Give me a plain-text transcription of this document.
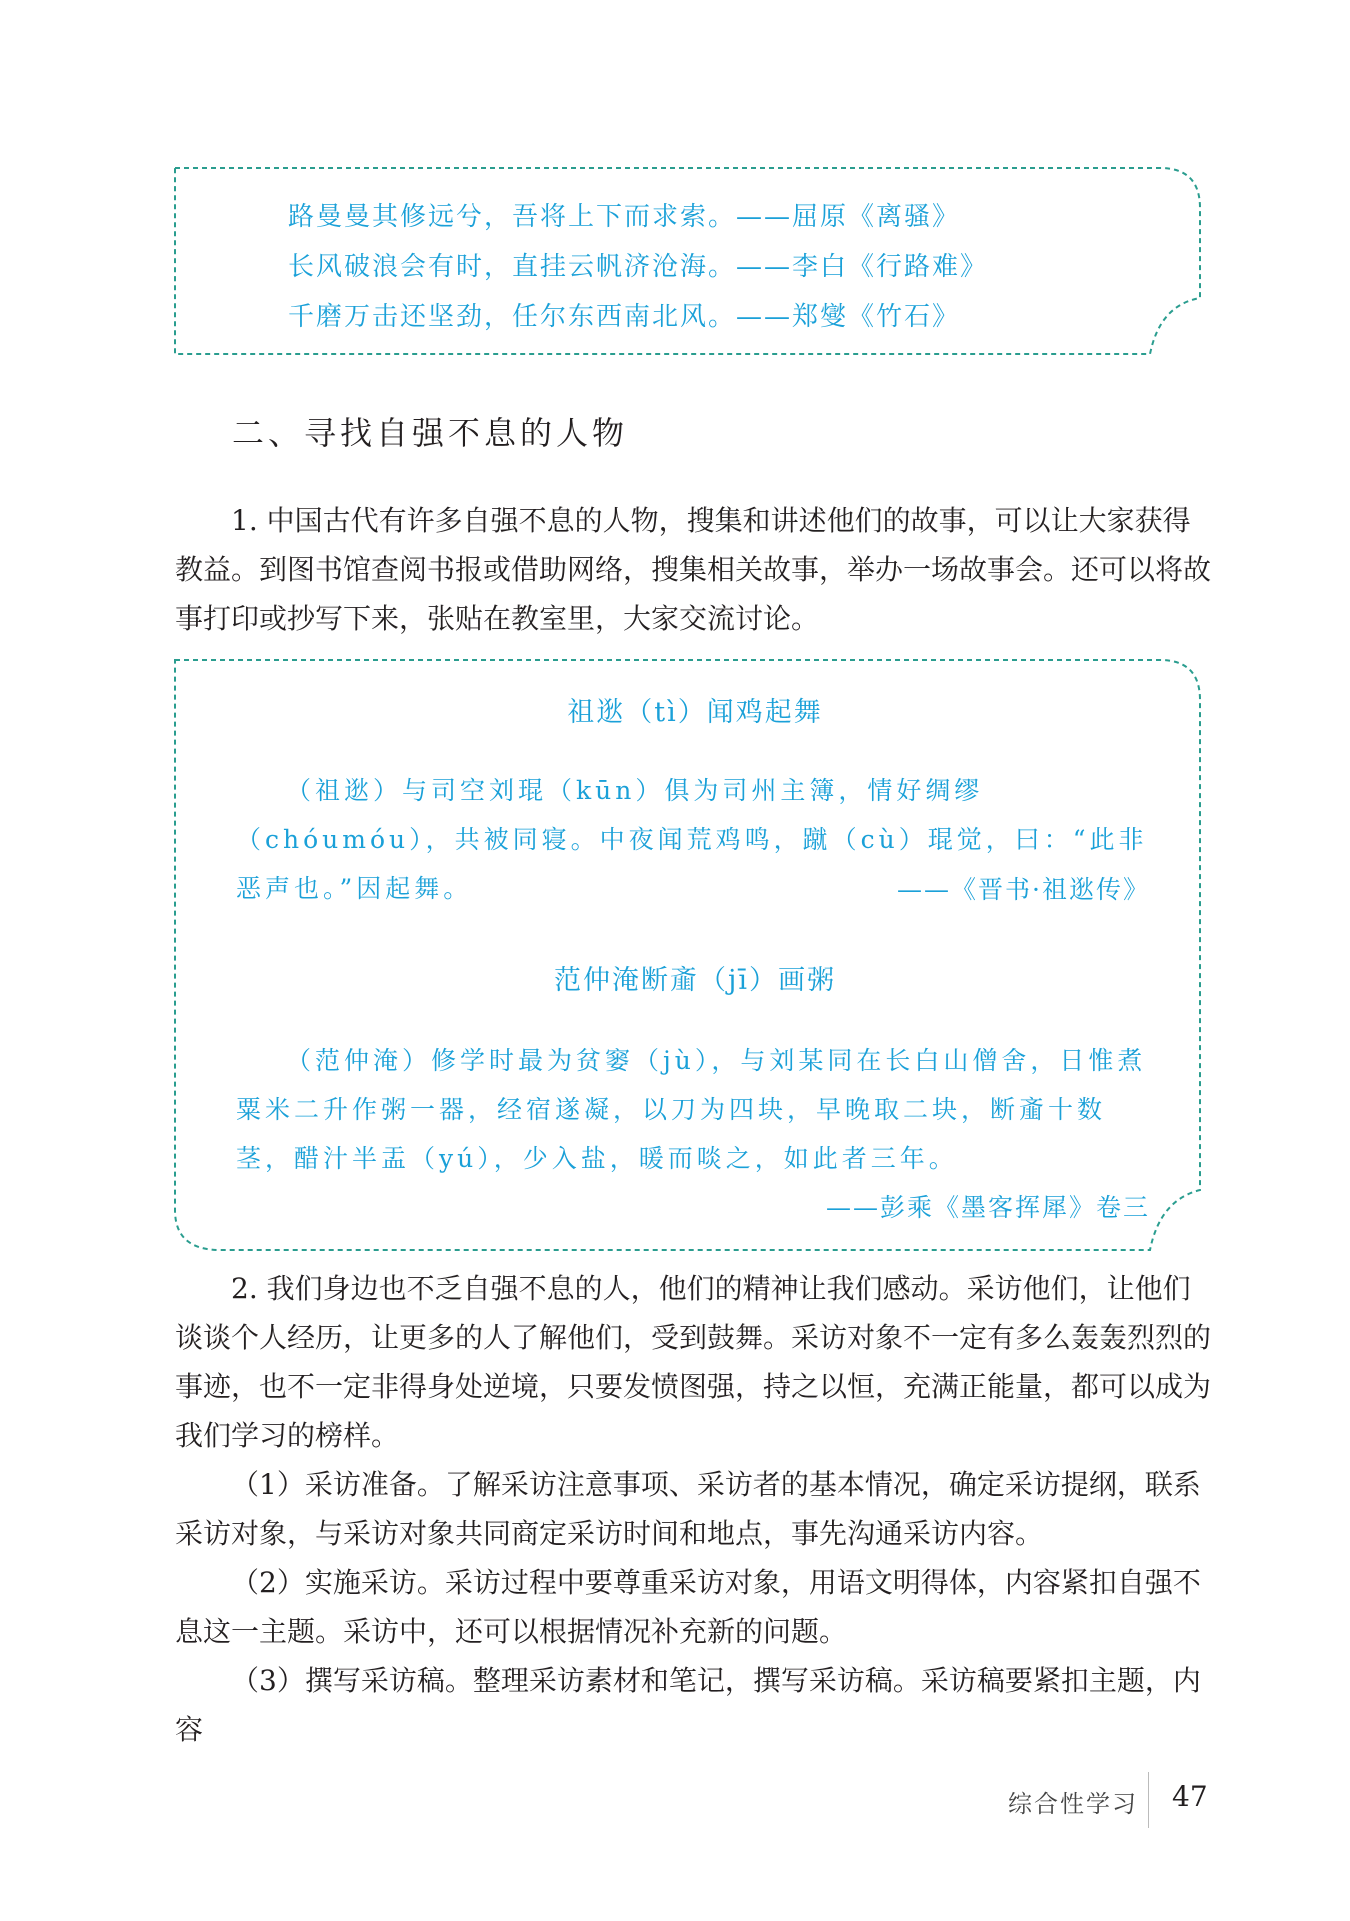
路曼曼其修远兮，吾将上下而求索。——屈原《离骚》
长风破浪会有时，直挂云帆济沧海。——李白《行路难》
千磨万击还坚劲，任尔东西南北风。——郑燮《竹石》
二、寻找自强不息的人物

1. 中国古代有许多自强不息的人物，搜集和讲述他们的故事，可以让大家获得教益。到图书馆查阅书报或借助网络，搜集相关故事，举办一场故事会。还可以将故事打印或抄写下来，张贴在教室里，大家交流讨论。

祖逖（tì）闻鸡起舞

（祖逖）与司空刘琨（kūn）俱为司州主簿，情好绸缪（chóumóu），共被同寝。中夜闻荒鸡鸣，蹴（cù）琨觉，曰：“此非恶声也。”因起舞。	——《晋书·祖逖传》
范仲淹断齑（jī）画粥

（范仲淹）修学时最为贫窭（jù），与刘某同在长白山僧舍，日惟煮粟米二升作粥一器，经宿遂凝，以刀为四块，早晚取二块，断齑十数茎，醋汁半盂（yú），少入盐，暖而啖之，如此者三年。

——彭乘《墨客挥犀》卷三

2. 我们身边也不乏自强不息的人，他们的精神让我们感动。采访他们，让他们谈谈个人经历，让更多的人了解他们，受到鼓舞。采访对象不一定有多么轰轰烈烈的事迹，也不一定非得身处逆境，只要发愤图强，持之以恒，充满正能量，都可以成为我们学习的榜样。

（1）采访准备。了解采访注意事项、采访者的基本情况，确定采访提纲，联系采访对象，与采访对象共同商定采访时间和地点，事先沟通采访内容。

（2）实施采访。采访过程中要尊重采访对象，用语文明得体，内容紧扣自强不息这一主题。采访中，还可以根据情况补充新的问题。

（3）撰写采访稿。整理采访素材和笔记，撰写采访稿。采访稿要紧扣主题，内容

综合性学习 47
